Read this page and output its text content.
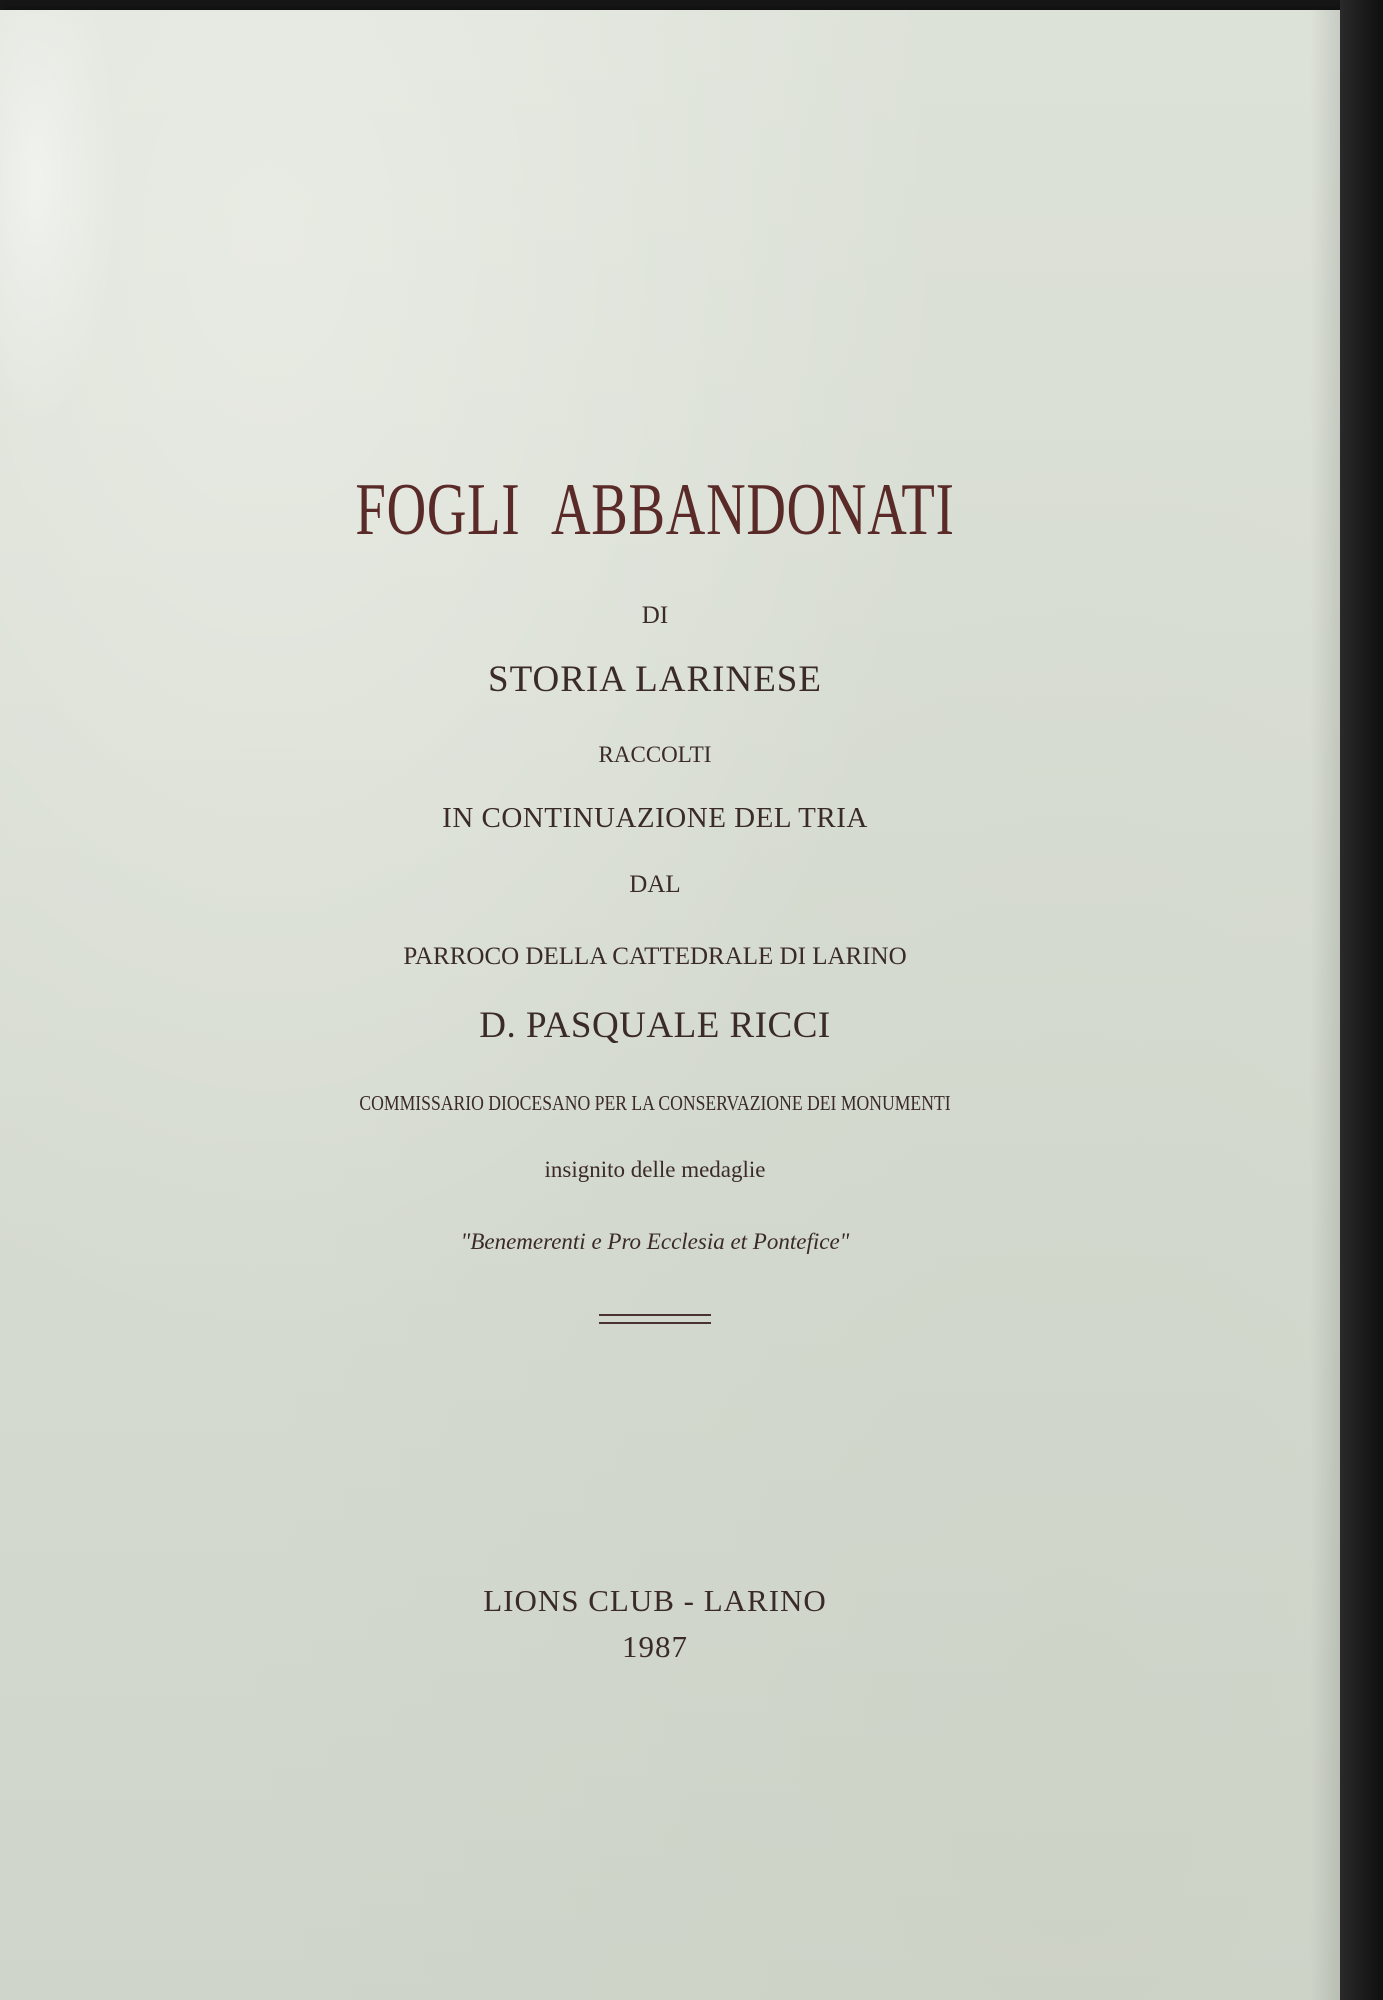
FOGLI ABBANDONATI
DI
STORIA LARINESE
RACCOLTI
IN CONTINUAZIONE DEL TRIA
DAL
PARROCO DELLA CATTEDRALE DI LARINO
D. PASQUALE RICCI
COMMISSARIO DIOCESANO PER LA CONSERVAZIONE DEI MONUMENTI
insignito delle medaglie
"Benemerenti e Pro Ecclesia et Pontefice"
LIONS CLUB - LARINO
1987
